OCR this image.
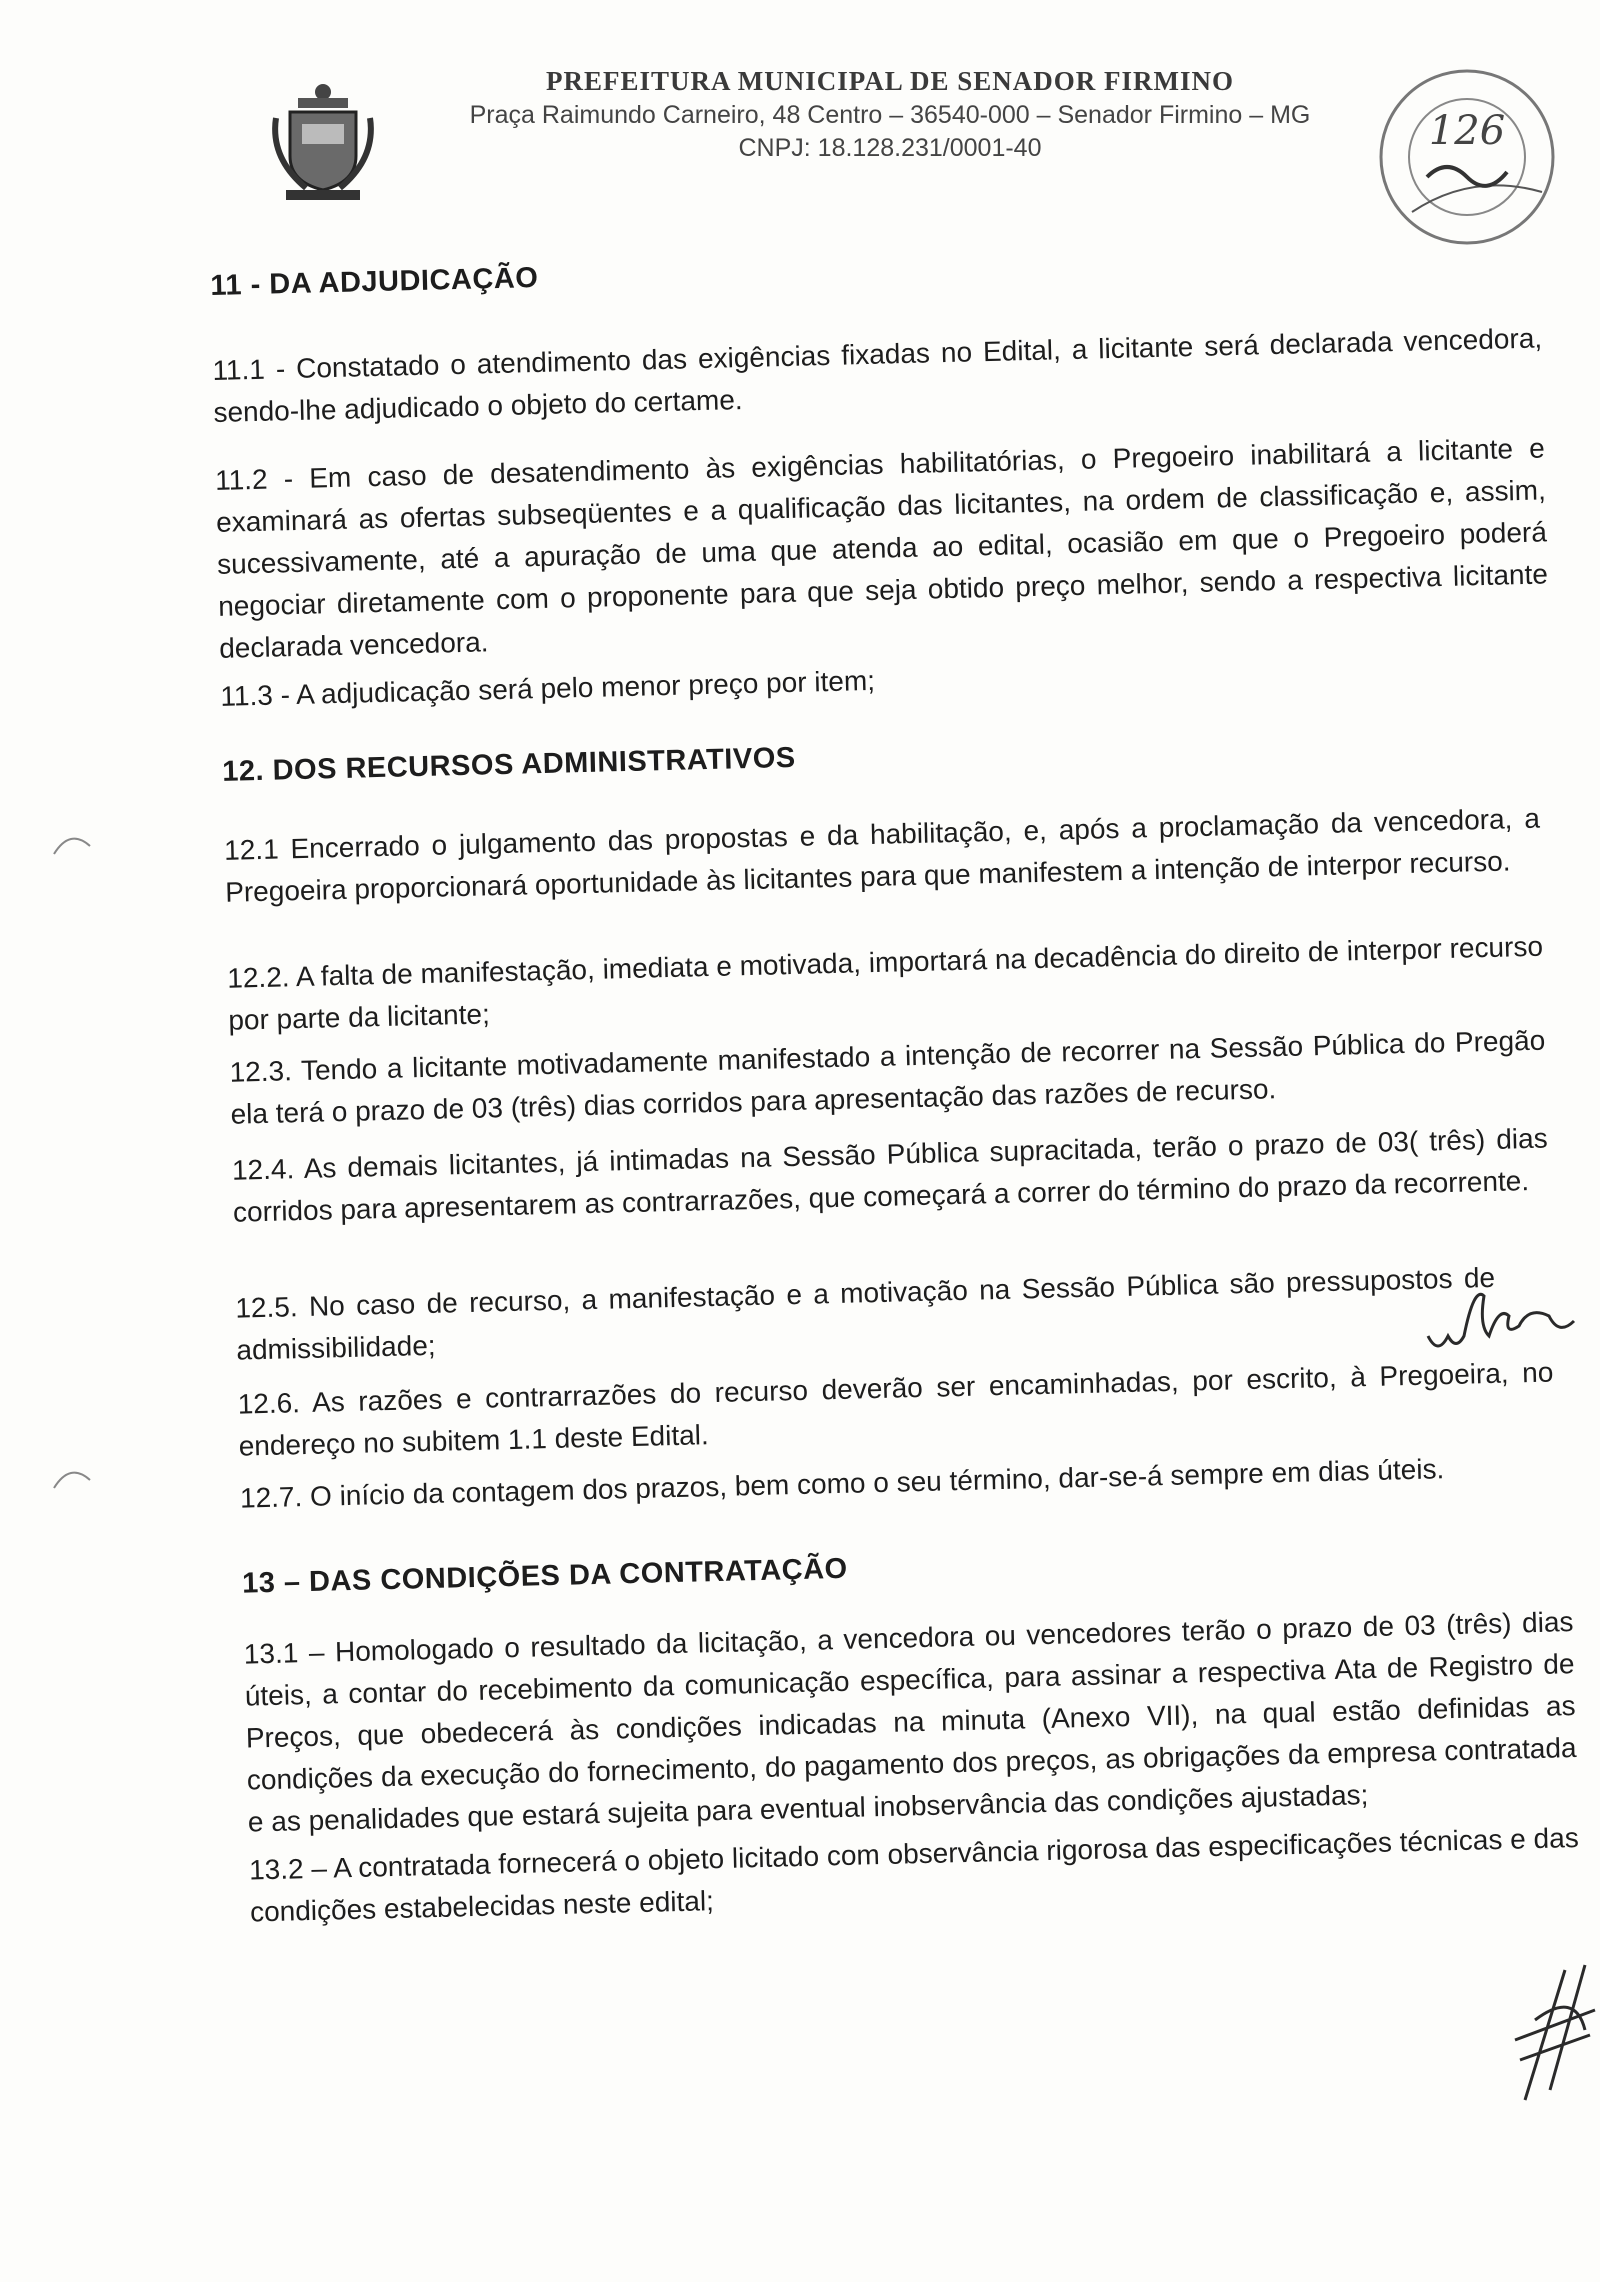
PREFEITURA MUNICIPAL DE SENADOR FIRMINO
Praça Raimundo Carneiro, 48 Centro – 36540-000 – Senador Firmino – MG
CNPJ: 18.128.231/0001-40	126
11 - DA ADJUDICAÇÃO
11.1 - Constatado o atendimento das exigências fixadas no Edital, a licitante será declarada vencedora, sendo-lhe adjudicado o objeto do certame.
11.2 - Em caso de desatendimento às exigências habilitatórias, o Pregoeiro inabilitará a licitante e examinará as ofertas subseqüentes e a qualificação das licitantes, na ordem de classificação e, assim, sucessivamente, até a apuração de uma que atenda ao edital, ocasião em que o Pregoeiro poderá negociar diretamente com o proponente para que seja obtido preço melhor, sendo a respectiva licitante declarada vencedora.
11.3 - A adjudicação será pelo menor preço por item;
12. DOS RECURSOS ADMINISTRATIVOS
12.1 Encerrado o julgamento das propostas e da habilitação, e, após a proclamação da vencedora, a Pregoeira proporcionará oportunidade às licitantes para que manifestem a intenção de interpor recurso.
12.2. A falta de manifestação, imediata e motivada, importará na decadência do direito de interpor recurso por parte da licitante;
12.3. Tendo a licitante motivadamente manifestado a intenção de recorrer na Sessão Pública do Pregão ela terá o prazo de 03 (três) dias corridos para apresentação das razões de recurso.
12.4. As demais licitantes, já intimadas na Sessão Pública supracitada, terão o prazo de 03( três) dias corridos para apresentarem as contrarrazões, que começará a correr do término do prazo da recorrente.
12.5. No caso de recurso, a manifestação e a motivação na Sessão Pública são pressupostos de admissibilidade;
12.6. As razões e contrarrazões do recurso deverão ser encaminhadas, por escrito, à Pregoeira, no endereço no subitem 1.1 deste Edital.
12.7. O início da contagem dos prazos, bem como o seu término, dar-se-á sempre em dias úteis.
13 – DAS CONDIÇÕES DA CONTRATAÇÃO
13.1 – Homologado o resultado da licitação, a vencedora ou vencedores terão o prazo de 03 (três) dias úteis, a contar do recebimento da comunicação específica, para assinar a respectiva Ata de Registro de Preços, que obedecerá às condições indicadas na minuta (Anexo VII), na qual estão definidas as condições da execução do fornecimento, do pagamento dos preços, as obrigações da empresa contratada e as penalidades que estará sujeita para eventual inobservância das condições ajustadas;
13.2 – A contratada fornecerá o objeto licitado com observância rigorosa das especificações técnicas e das condições estabelecidas neste edital;
